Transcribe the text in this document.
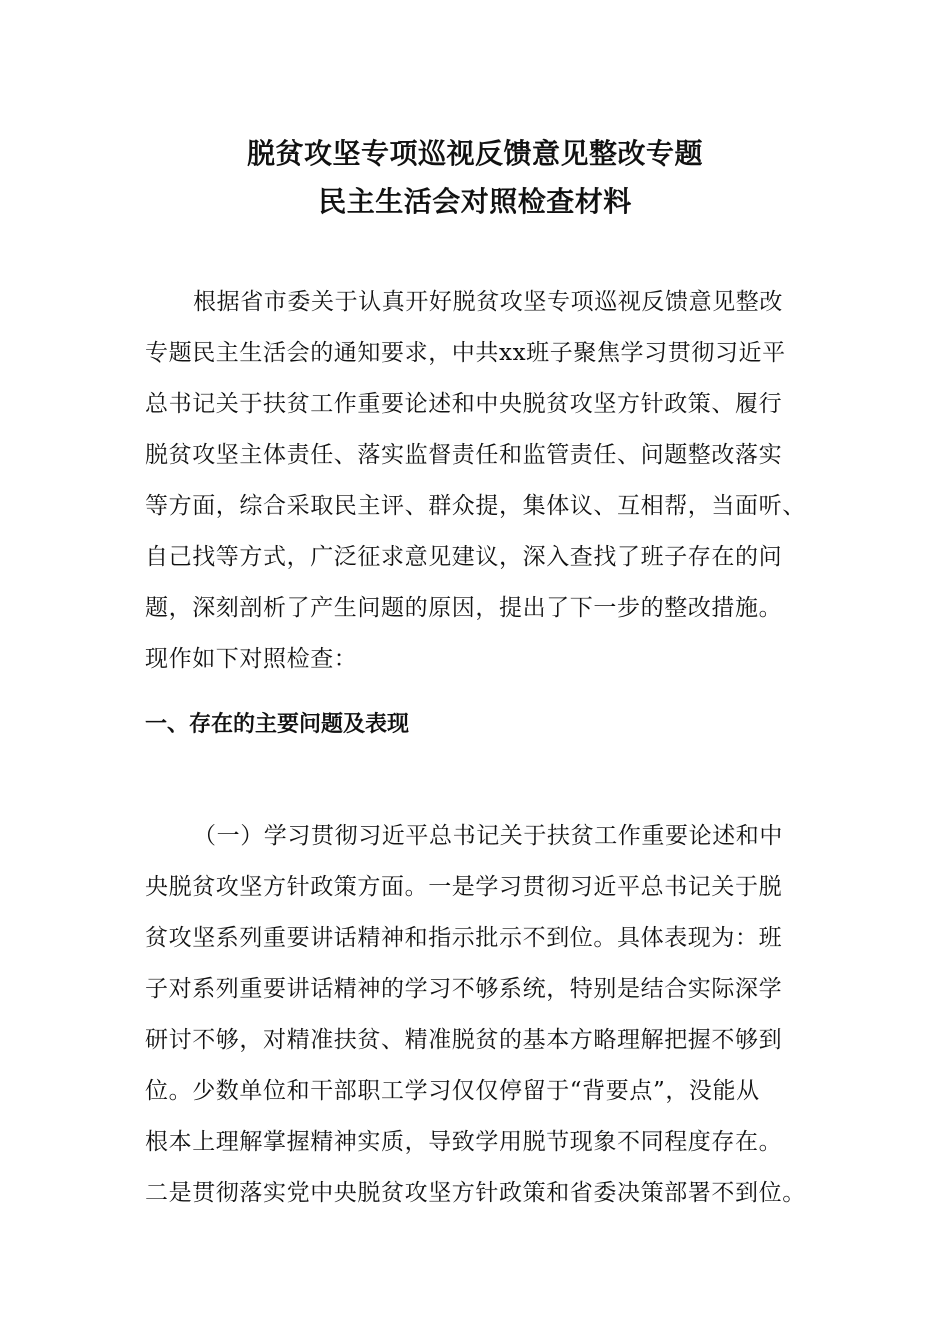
脱贫攻坚专项巡视反馈意见整改专题
民主生活会对照检查材料
根据省市委关于认真开好脱贫攻坚专项巡视反馈意见整改
专题民主生活会的通知要求，中共xx班子聚焦学习贯彻习近平
总书记关于扶贫工作重要论述和中央脱贫攻坚方针政策、履行
脱贫攻坚主体责任、落实监督责任和监管责任、问题整改落实
等方面，综合采取民主评、群众提，集体议、互相帮，当面听、
自己找等方式，广泛征求意见建议，深入查找了班子存在的问
题，深刻剖析了产生问题的原因，提出了下一步的整改措施。
现作如下对照检查：
一、存在的主要问题及表现
（一）学习贯彻习近平总书记关于扶贫工作重要论述和中
央脱贫攻坚方针政策方面。一是学习贯彻习近平总书记关于脱
贫攻坚系列重要讲话精神和指示批示不到位。具体表现为：班
子对系列重要讲话精神的学习不够系统，特别是结合实际深学
研讨不够，对精准扶贫、精准脱贫的基本方略理解把握不够到
位。少数单位和干部职工学习仅仅停留于“背要点”，没能从
根本上理解掌握精神实质，导致学用脱节现象不同程度存在。
二是贯彻落实党中央脱贫攻坚方针政策和省委决策部署不到位。
